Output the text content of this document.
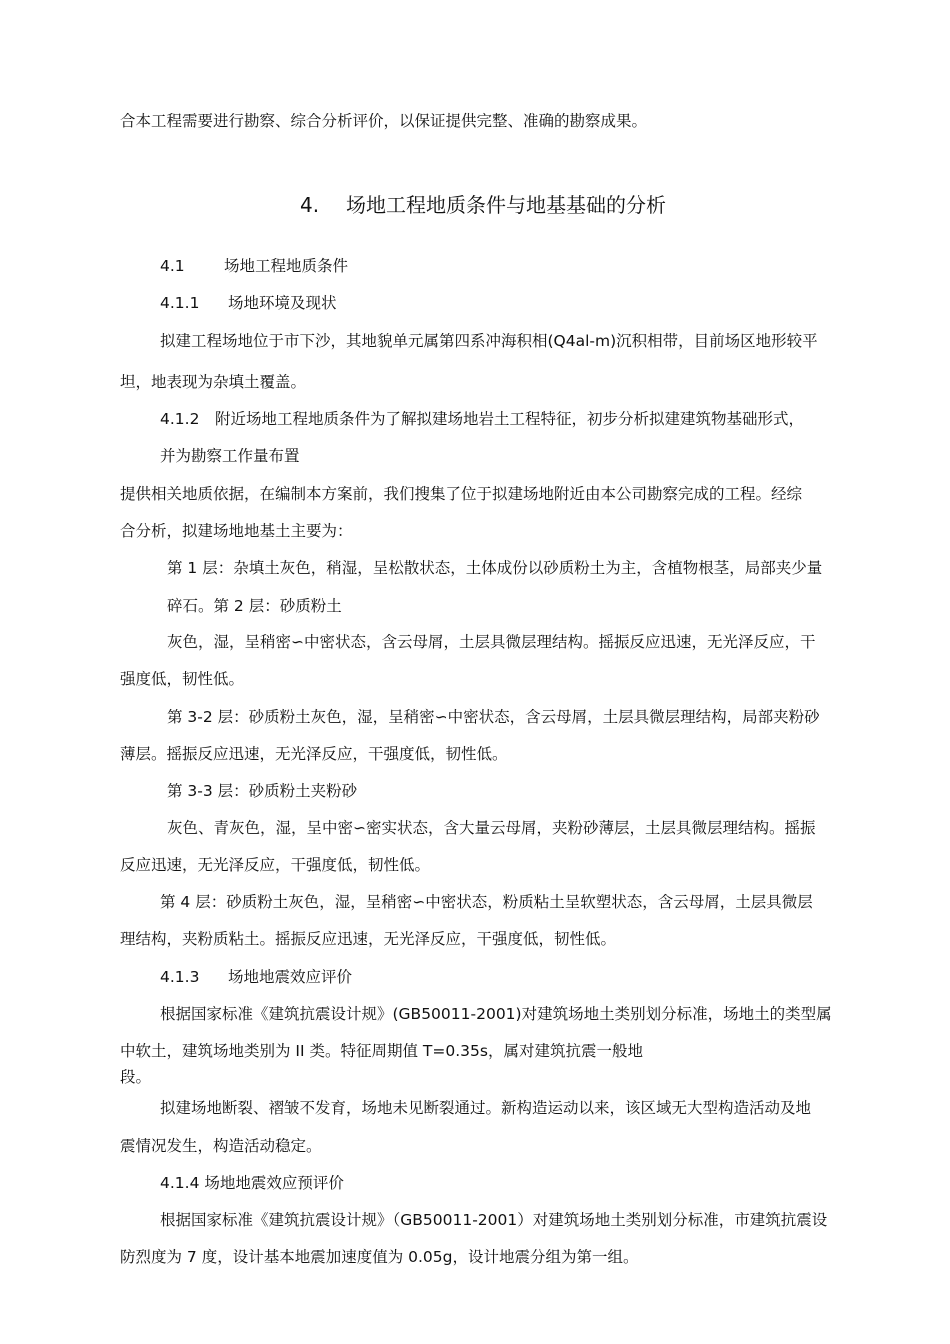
合本工程需要进行勘察、综合分析评价，以保证提供完整、准确的勘察成果。
4. 场地工程地质条件与地基基础的分析
4.1	场地工程地质条件
4.1.1 场地环境及现状
拟建工程场地位于市下沙，其地貌单元属第四系冲海积相(Q4al-m)沉积相带，目前场区地形较平
坦，地表现为杂填土覆盖。
4.1.2　附近场地工程地质条件为了解拟建场地岩土工程特征，初步分析拟建建筑物基础形式，
并为勘察工作量布置
提供相关地质依据，在编制本方案前，我们搜集了位于拟建场地附近由本公司勘察完成的工程。经综
合分析，拟建场地地基土主要为：
第 1 层：杂填土灰色，稍湿，呈松散状态，土体成份以砂质粉土为主，含植物根茎，局部夹少量
碎石。第 2 层：砂质粉土
灰色，湿，呈稍密∽中密状态，含云母屑，土层具微层理结构。摇振反应迅速，无光泽反应，干
强度低，韧性低。
第 3-2 层：砂质粉土灰色，湿，呈稍密∽中密状态，含云母屑，土层具微层理结构，局部夹粉砂
薄层。摇振反应迅速，无光泽反应，干强度低，韧性低。
第 3-3 层：砂质粉土夹粉砂
灰色、青灰色，湿，呈中密∽密实状态，含大量云母屑，夹粉砂薄层，土层具微层理结构。摇振
反应迅速，无光泽反应，干强度低，韧性低。
第 4 层：砂质粉土灰色，湿，呈稍密∽中密状态，粉质粘土呈软塑状态，含云母屑，土层具微层
理结构，夹粉质粘土。摇振反应迅速，无光泽反应，干强度低，韧性低。
4.1.3 场地地震效应评价
根据国家标准《建筑抗震设计规》(GB50011-2001)对建筑场地土类别划分标准，场地土的类型属
中软土，建筑场地类别为 II 类。特征周期值 T=0.35s，属对建筑抗震一般地
段。
拟建场地断裂、褶皱不发育，场地未见断裂通过。新构造运动以来，该区域无大型构造活动及地
震情况发生，构造活动稳定。
4.1.4 场地地震效应预评价
根据国家标准《建筑抗震设计规》（GB50011-2001）对建筑场地土类别划分标准，市建筑抗震设
防烈度为 7 度，设计基本地震加速度值为 0.05g，设计地震分组为第一组。
